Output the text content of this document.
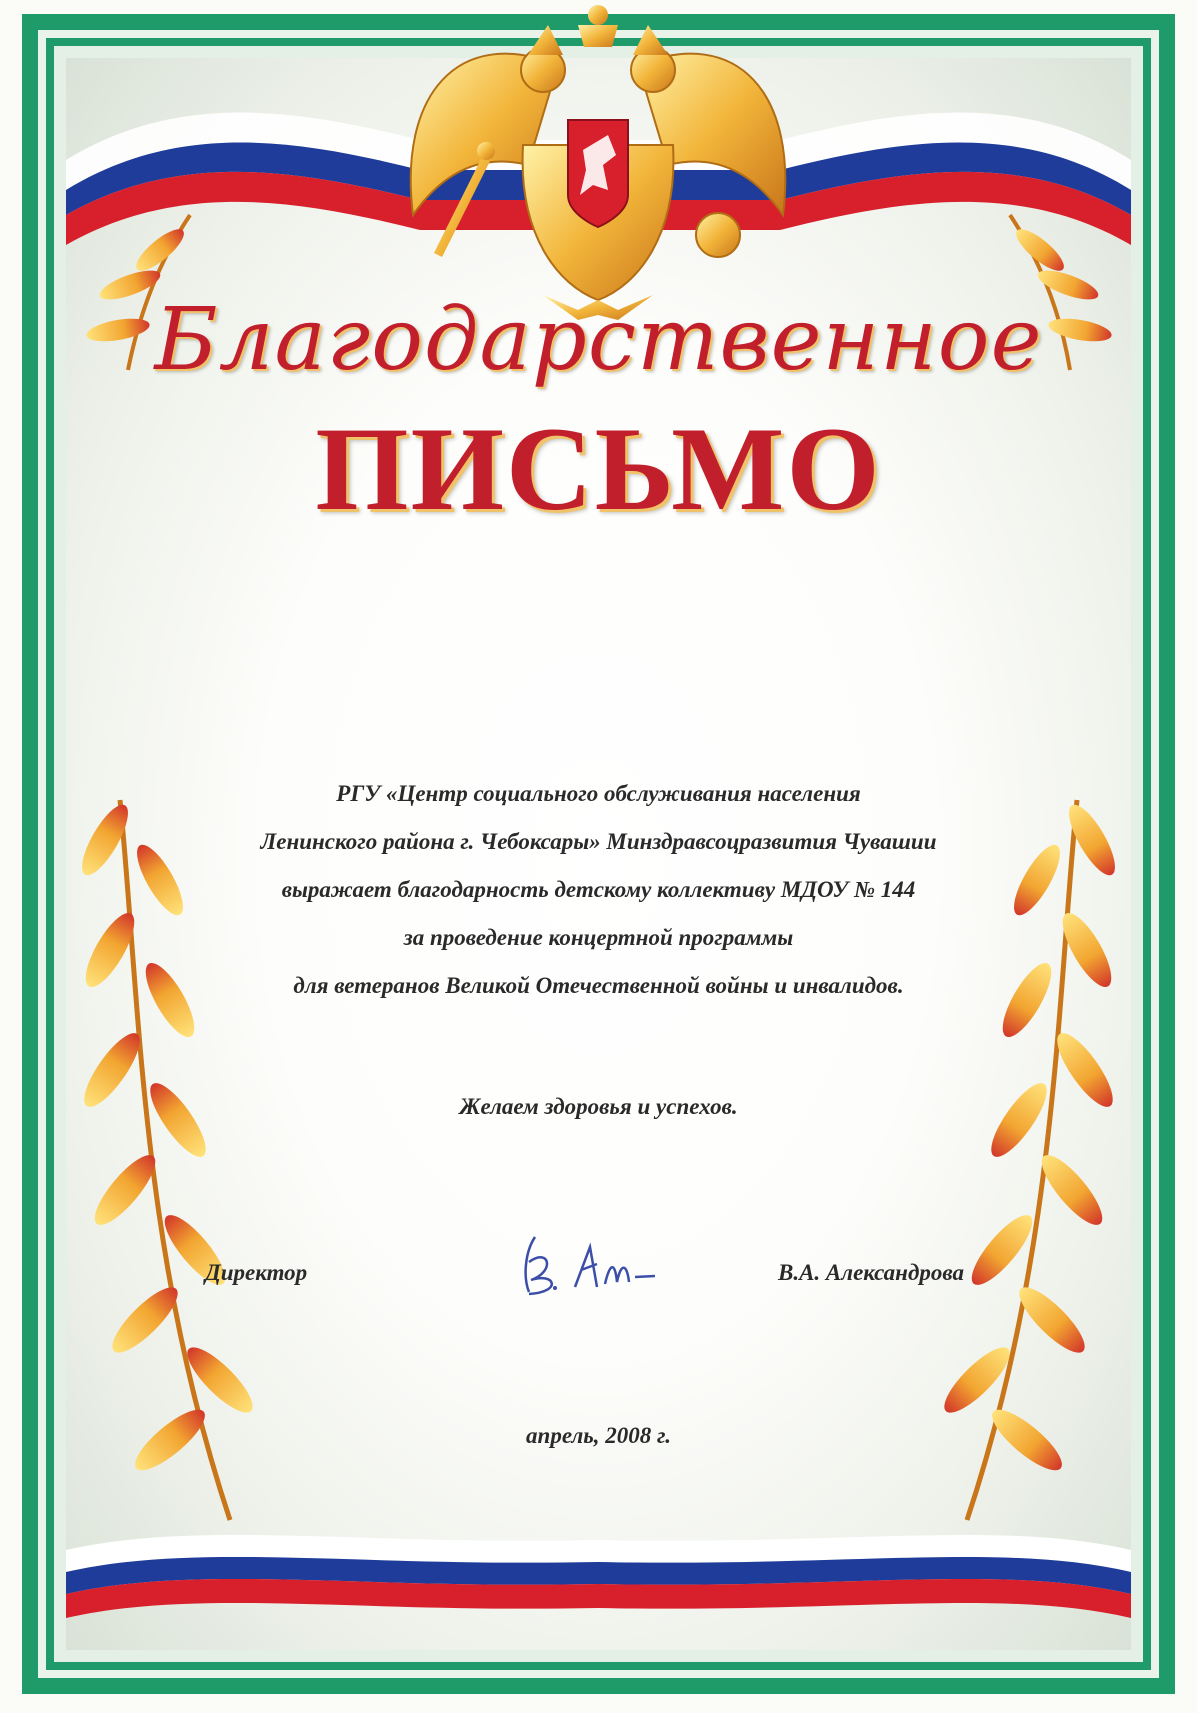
Благодарственное
ПИСЬМО
РГУ «Центр социального обслуживания населения
Ленинского района г. Чебоксары» Минздравсоцразвития Чувашии
выражает благодарность детскому коллективу МДОУ № 144
за проведение концертной программы
для ветеранов Великой Отечественной войны и инвалидов.
Желаем здоровья и успехов.
Директор	В.А. Александрова
апрель, 2008 г.
